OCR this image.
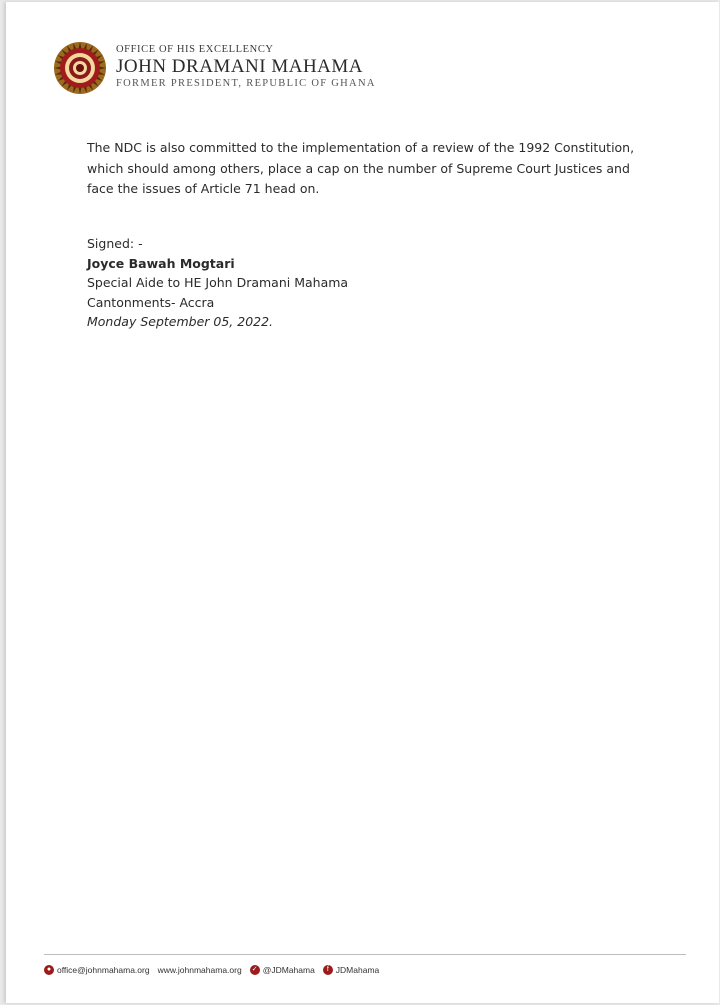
OFFICE OF HIS EXCELLENCY
JOHN DRAMANI MAHAMA
FORMER PRESIDENT, REPUBLIC OF GHANA
The NDC is also committed to the implementation of a review of the 1992 Constitution,
which should among others, place a cap on the number of Supreme Court Justices and
face the issues of Article 71 head on.
Signed: -
Joyce Bawah Mogtari
Special Aide to HE John Dramani Mahama
Cantonments- Accra
Monday September 05, 2022.
● office@johnmahama.org www.johnmahama.org ✓ @JDMahama	f JDMahama
